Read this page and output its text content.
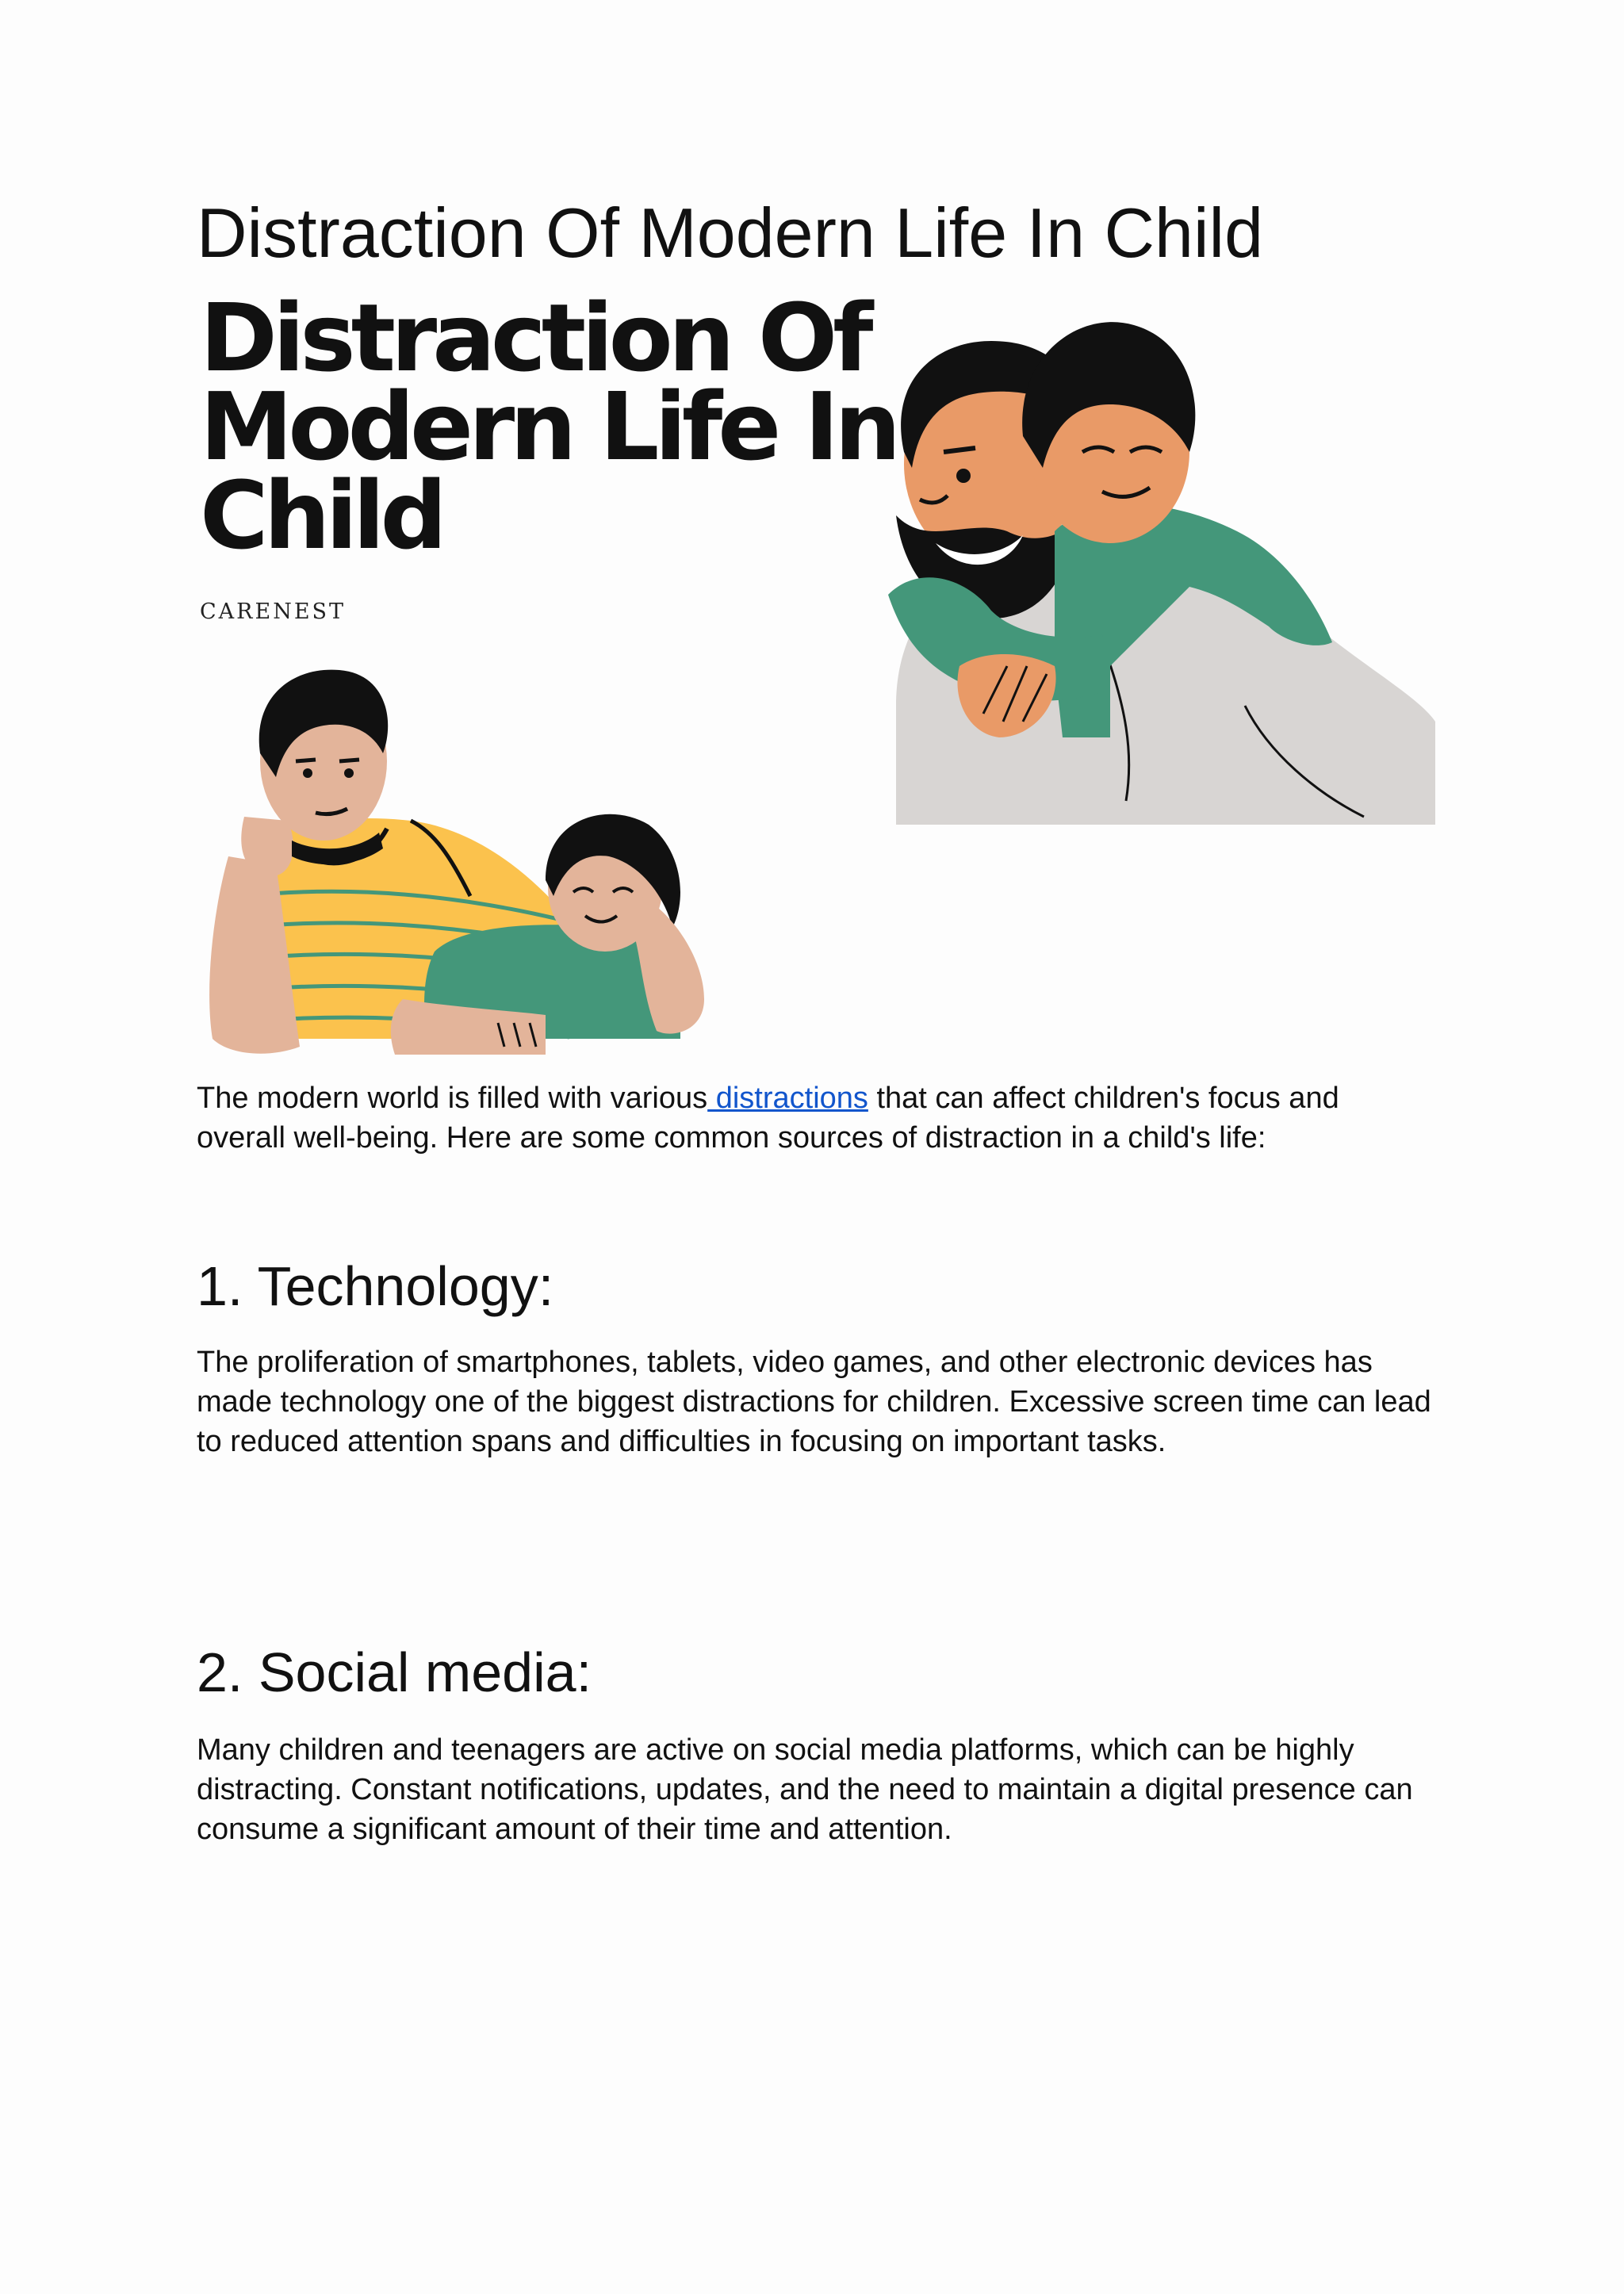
Distraction Of Modern Life In Child
Distraction Of
Modern Life In
Child
CARENEST

The modern world is filled with various distractions that can affect children's focus and overall well-being. Here are some common sources of distraction in a child's life:

1. Technology:

The proliferation of smartphones, tablets, video games, and other electronic devices has made technology one of the biggest distractions for children. Excessive screen time can lead to reduced attention spans and difficulties in focusing on important tasks.

2. Social media:

Many children and teenagers are active on social media platforms, which can be highly distracting. Constant notifications, updates, and the need to maintain a digital presence can consume a significant amount of their time and attention.
